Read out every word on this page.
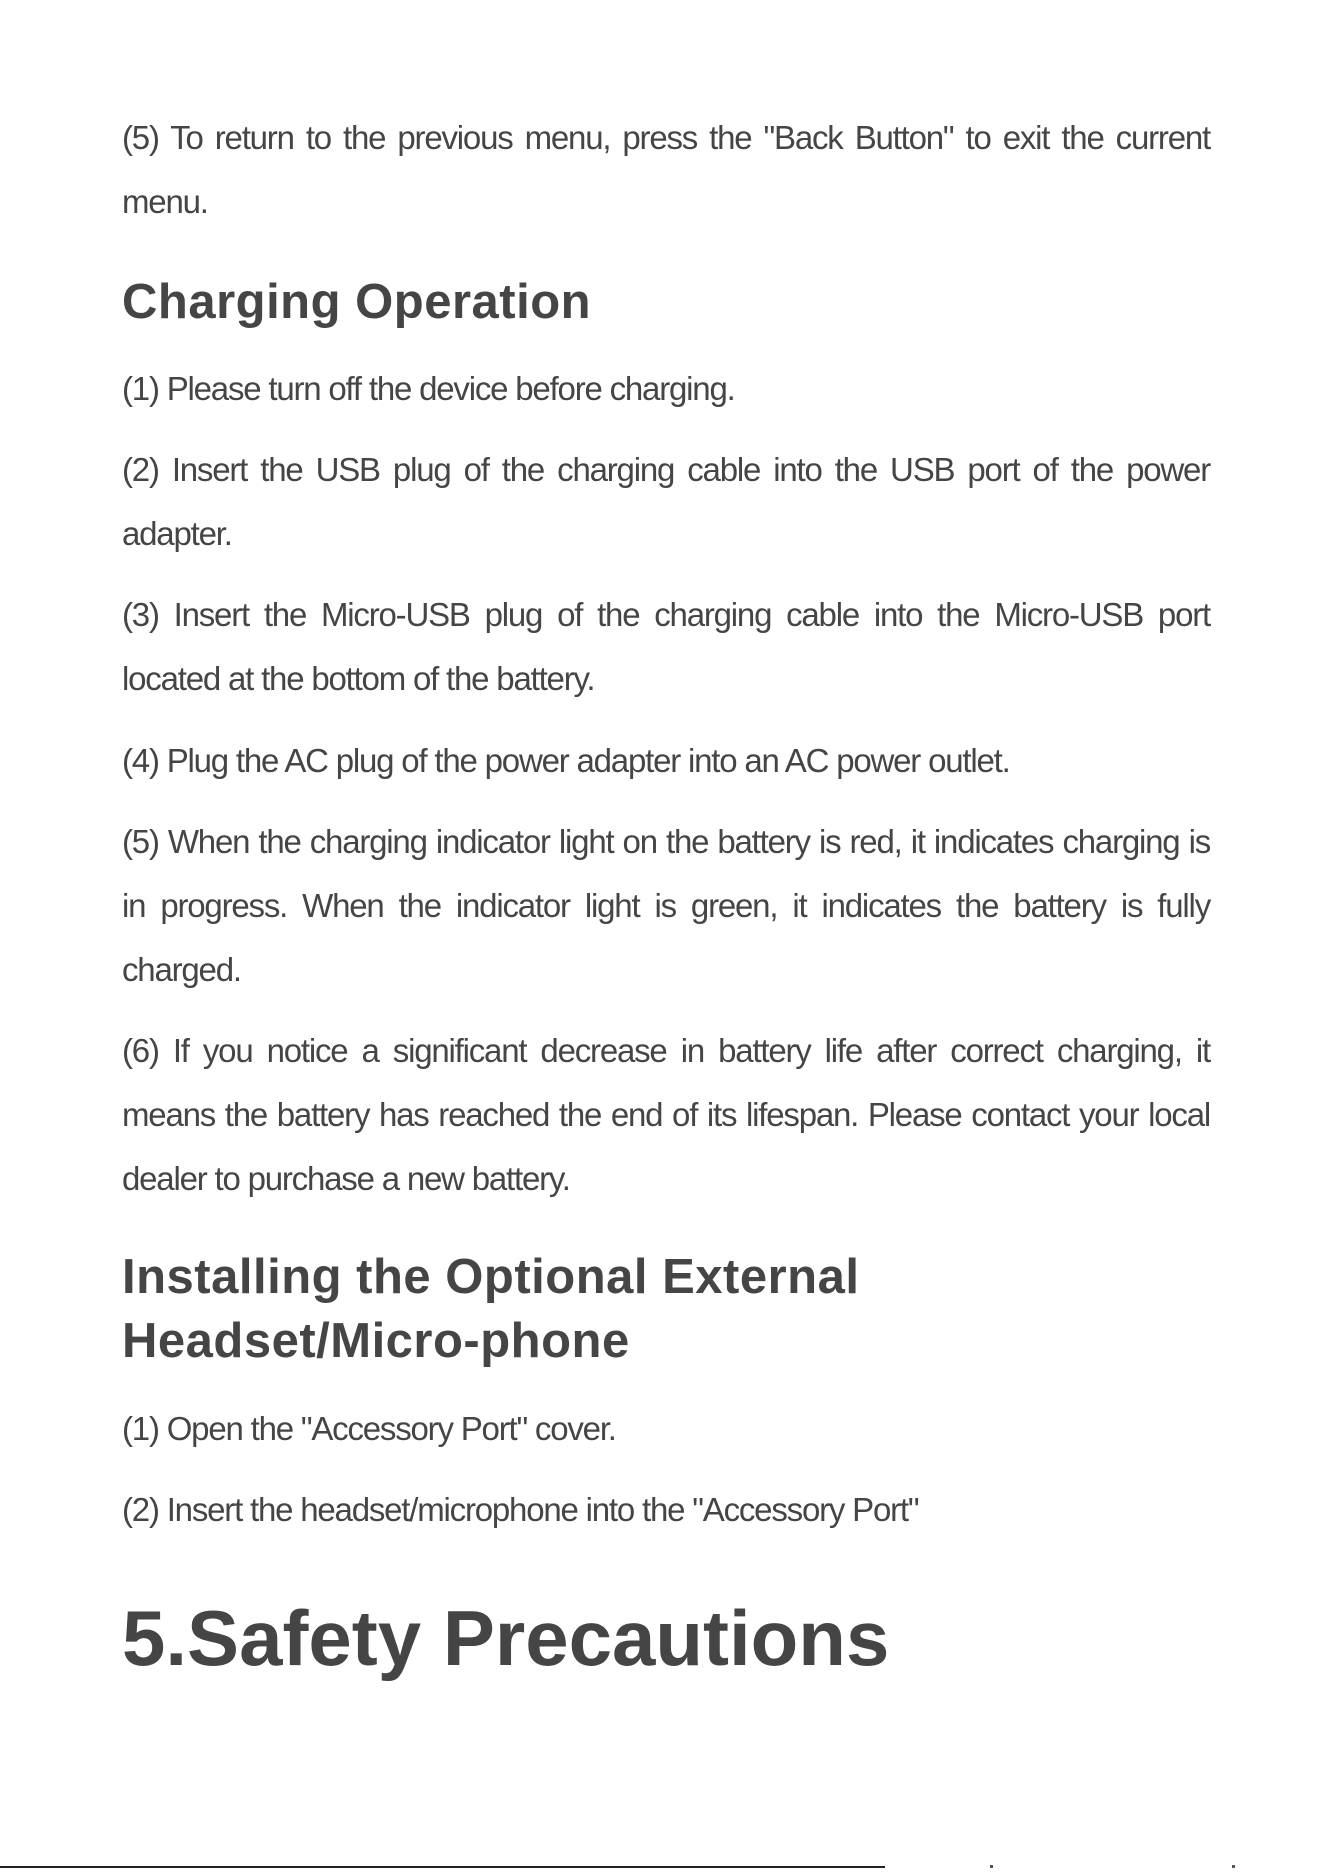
(5) To return to the previous menu, press the "Back Button" to exit the current menu.

Charging Operation

(1) Please turn off the device before charging.

(2) Insert the USB plug of the charging cable into the USB port of the power adapter.

(3) Insert the Micro-USB plug of the charging cable into the Micro-USB port located at the bottom of the battery.

(4) Plug the AC plug of the power adapter into an AC power outlet.

(5) When the charging indicator light on the battery is red, it indicates charging is in progress. When the indicator light is green, it indicates the battery is fully charged.

(6) If you notice a significant decrease in battery life after correct charging, it means the battery has reached the end of its lifespan. Please contact your local dealer to purchase a new battery.

Installing the Optional External Headset/Micro-phone

(1) Open the "Accessory Port" cover.

(2) Insert the headset/microphone into the "Accessory Port"

5.Safety Precautions
